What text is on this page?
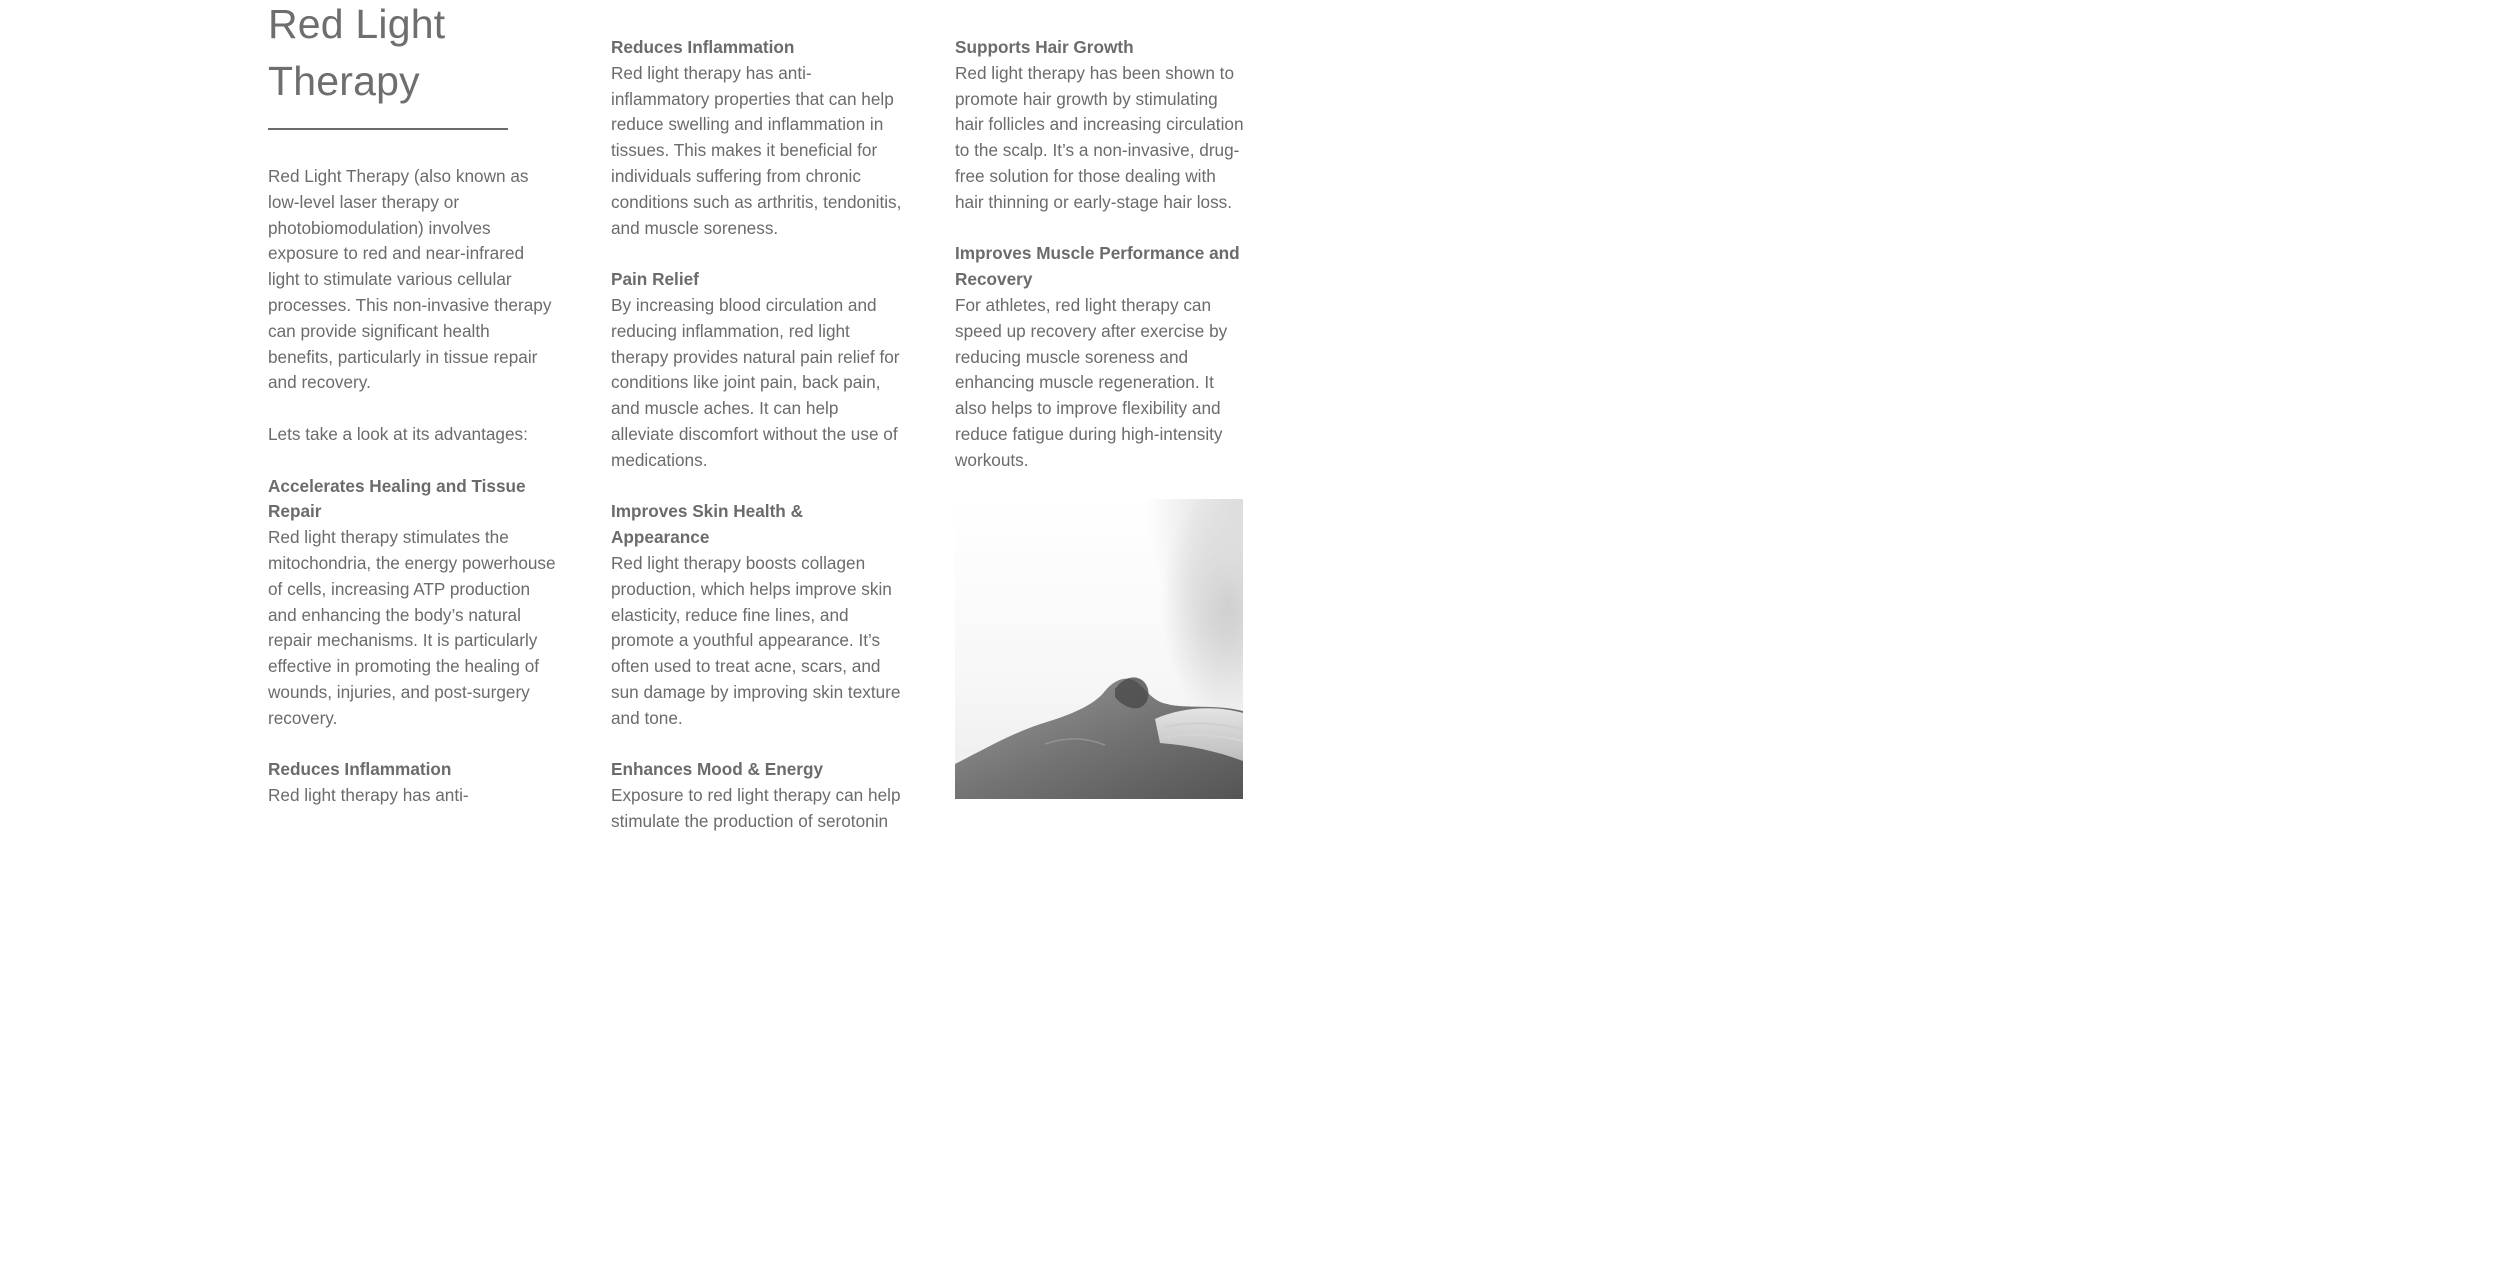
Red Light
Therapy

Red Light Therapy (also known as low-level laser therapy or photobiomodulation) involves exposure to red and near-infrared light to stimulate various cellular processes. This non-invasive therapy can provide significant health benefits, particularly in tissue repair and recovery.

Lets take a look at its advantages:

Accelerates Healing and Tissue Repair

Red light therapy stimulates the mitochondria, the energy powerhouse of cells, increasing ATP production and enhancing the body’s natural repair mechanisms. It is particularly effective in promoting the healing of wounds, injuries, and post-surgery recovery.

Reduces Inflammation

Red light therapy has anti-

Reduces Inflammation

Red light therapy has anti-inflammatory properties that can help reduce swelling and inflammation in tissues. This makes it beneficial for individuals suffering from chronic conditions such as arthritis, tendonitis, and muscle soreness.

Pain Relief

By increasing blood circulation and reducing inflammation, red light therapy provides natural pain relief for conditions like joint pain, back pain, and muscle aches. It can help alleviate discomfort without the use of medications.

Improves Skin Health & Appearance

Red light therapy boosts collagen production, which helps improve skin elasticity, reduce fine lines, and promote a youthful appearance. It’s often used to treat acne, scars, and sun damage by improving skin texture and tone.

Enhances Mood & Energy

Exposure to red light therapy can help stimulate the production of serotonin

Supports Hair Growth

Red light therapy has been shown to promote hair growth by stimulating hair follicles and increasing circulation to the scalp. It’s a non-invasive, drug-free solution for those dealing with hair thinning or early-stage hair loss.

Improves Muscle Performance and Recovery

For athletes, red light therapy can speed up recovery after exercise by reducing muscle soreness and enhancing muscle regeneration. It also helps to improve flexibility and reduce fatigue during high-intensity workouts.
